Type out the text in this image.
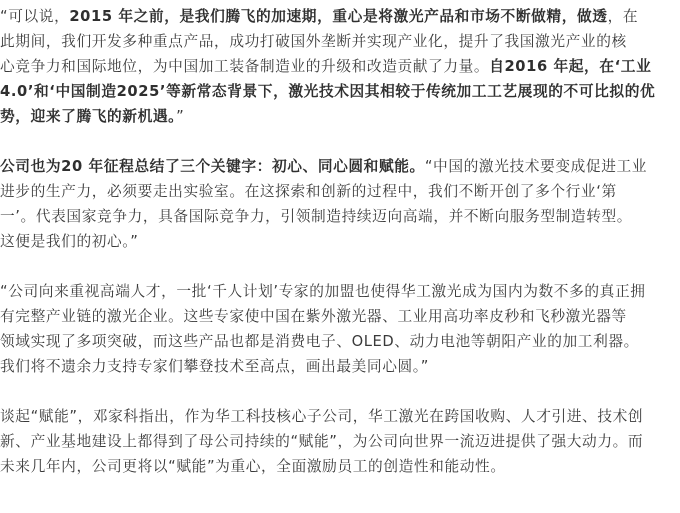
“可以说，2015 年之前，是我们腾飞的加速期，重心是将激光产品和市场不断做精，做透，在
此期间，我们开发多种重点产品，成功打破国外垄断并实现产业化，提升了我国激光产业的核
心竞争力和国际地位，为中国加工装备制造业的升级和改造贡献了力量。自2016 年起，在‘工业
4.0’和‘中国制造2025’等新常态背景下，激光技术因其相较于传统加工工艺展现的不可比拟的优
势，迎来了腾飞的新机遇。”

公司也为20 年征程总结了三个关键字：初心、同心圆和赋能。“中国的激光技术要变成促进工业
进步的生产力，必须要走出实验室。在这探索和创新的过程中，我们不断开创了多个行业‘第
一’。代表国家竞争力，具备国际竞争力，引领制造持续迈向高端，并不断向服务型制造转型。
这便是我们的初心。”

“公司向来重视高端人才，一批‘千人计划’专家的加盟也使得华工激光成为国内为数不多的真正拥
有完整产业链的激光企业。这些专家使中国在紫外激光器、工业用高功率皮秒和飞秒激光器等
领域实现了多项突破，而这些产品也都是消费电子、OLED、动力电池等朝阳产业的加工利器。
我们将不遗余力支持专家们攀登技术至高点，画出最美同心圆。”

谈起“赋能”，邓家科指出，作为华工科技核心子公司，华工激光在跨国收购、人才引进、技术创
新、产业基地建设上都得到了母公司持续的“赋能”，为公司向世界一流迈进提供了强大动力。而
未来几年内，公司更将以“赋能”为重心，全面激励员工的创造性和能动性。
